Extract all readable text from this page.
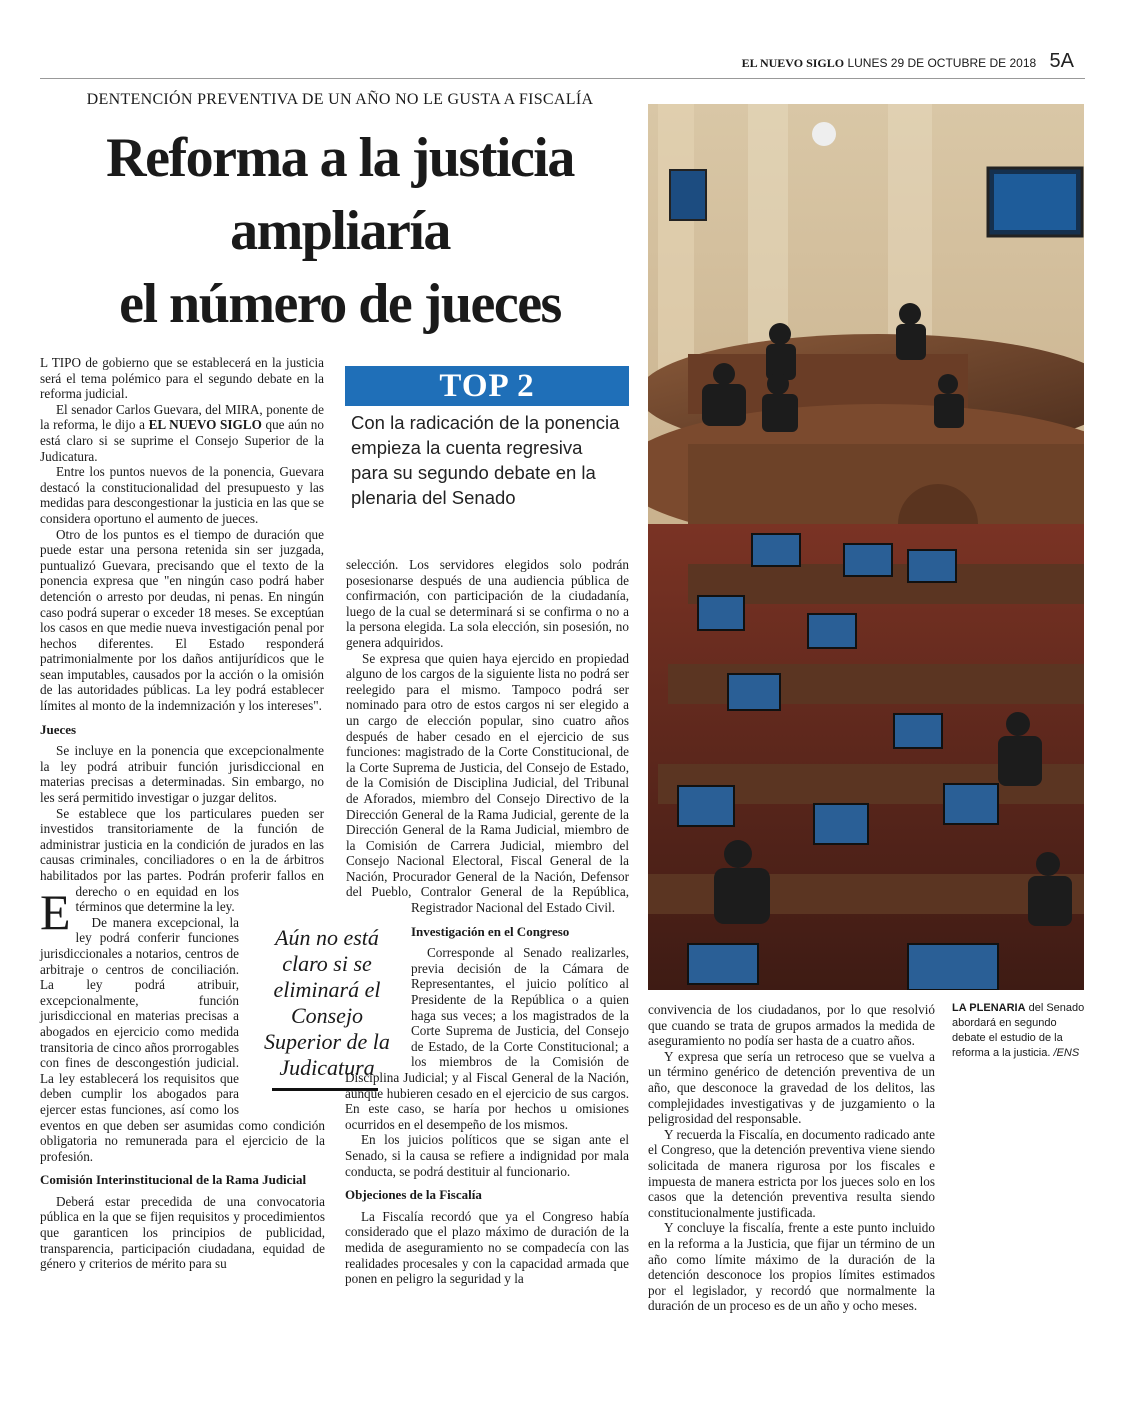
EL NUEVO SIGLO LUNES 29 DE OCTUBRE DE 2018 5A
DENTENCIÓN PREVENTIVA DE UN AÑO NO LE GUSTA A FISCALÍA
Reforma a la justicia
ampliaría
el número de jueces

E
L TIPO de gobierno que se establecerá en la justicia será el tema polémico para el segundo debate en la reforma judicial.

El senador Carlos Guevara, del MIRA, ponente de la reforma, le dijo a EL NUEVO SIGLO que aún no está claro si se suprime el Consejo Superior de la Judicatura.

Entre los puntos nuevos de la ponencia, Guevara destacó la constitucionalidad del presupuesto y las medidas para descongestionar la justicia en las que se considera oportuno el aumento de jueces.

Otro de los puntos es el tiempo de duración que puede estar una persona retenida sin ser juzgada, puntualizó Guevara, precisando que el texto de la ponencia expresa que "en ningún caso podrá haber detención o arresto por deudas, ni penas. En ningún caso podrá superar o exceder 18 meses. Se exceptúan los casos en que medie nueva investigación penal por hechos diferentes. El Estado responderá patrimonialmente por los daños antijurídicos que le sean imputables, causados por la acción o la omisión de las autoridades públicas. La ley podrá establecer límites al monto de la indemnización y los intereses".

Jueces

Se incluye en la ponencia que excepcionalmente la ley podrá atribuir función jurisdiccional en materias precisas a determinadas. Sin embargo, no les será permitido investigar o juzgar delitos.

Se establece que los particulares pueden ser investidos transitoriamente de la función de administrar justicia en la condición de jurados en las causas criminales, conciliadores o en la de árbitros habilitados por las partes. Podrán proferir fallos en derecho o en equidad en los términos que determine la ley.

De manera excepcional, la ley podrá conferir funciones jurisdiccionales a notarios, centros de arbitraje o centros de conciliación. La ley podrá atribuir, excepcionalmente, función jurisdiccional en materias precisas a abogados en ejercicio como medida transitoria de cinco años prorrogables con fines de descongestión judicial. La ley establecerá los requisitos que deben cumplir los abogados para ejercer estas funciones, así como los eventos en que deben ser asumidas como condición obligatoria no remunerada para el ejercicio de la profesión.

Comisión Interinstitucional de la Rama Judicial

Deberá estar precedida de una convocatoria pública en la que se fijen requisitos y procedimientos que garanticen los principios de publicidad, transparencia, participación ciudadana, equidad de género y criterios de mérito para su

TOP 2
Con la radicación de la ponencia empieza la cuenta regresiva para su segundo debate en la plenaria del Senado

selección. Los servidores elegidos solo podrán posesionarse después de una audiencia pública de confirmación, con participación de la ciudadanía, luego de la cual se determinará si se confirma o no a la persona elegida. La sola elección, sin posesión, no genera adquiridos.

Se expresa que quien haya ejercido en propiedad alguno de los cargos de la siguiente lista no podrá ser reelegido para el mismo. Tampoco podrá ser nominado para otro de estos cargos ni ser elegido a un cargo de elección popular, sino cuatro años después de haber cesado en el ejercicio de sus funciones: magistrado de la Corte Constitucional, de la Corte Suprema de Justicia, del Consejo de Estado, de la Comisión de Disciplina Judicial, del Tribunal de Aforados, miembro del Consejo Directivo de la Dirección General de la Rama Judicial, gerente de la Dirección General de la Rama Judicial, miembro de la Comisión de Carrera Judicial, miembro del Consejo Nacional Electoral, Fiscal General de la Nación, Procurador General de la Nación, Defensor del Pueblo, Contralor General de la República, Registrador Nacional del Estado Civil.

Investigación en el Congreso

Corresponde al Senado realizarles, previa decisión de la Cámara de Representantes, el juicio político al Presidente de la República o a quien haga sus veces; a los magistrados de la Corte Suprema de Justicia, del Consejo de Estado, de la Corte Constitucional; a los miembros de la Comisión de Disciplina Judicial; y al Fiscal General de la Nación, aunque hubieren cesado en el ejercicio de sus cargos. En este caso, se haría por hechos u omisiones ocurridos en el desempeño de los mismos.

En los juicios políticos que se sigan ante el Senado, si la causa se refiere a indignidad por mala conducta, se podrá destituir al funcionario.

Objeciones de la Fiscalía

La Fiscalía recordó que ya el Congreso había considerado que el plazo máximo de duración de la medida de aseguramiento no se compadecía con las realidades procesales y con la capacidad armada que ponen en peligro la seguridad y la

Aún no está claro si se eliminará el Consejo Superior de la Judicatura

convivencia de los ciudadanos, por lo que resolvió que cuando se trata de grupos armados la medida de aseguramiento no podía ser hasta de a cuatro años.

Y expresa que sería un retroceso que se vuelva a un término genérico de detención preventiva de un año, que desconoce la gravedad de los delitos, las complejidades investigativas y de juzgamiento o la peligrosidad del responsable.

Y recuerda la Fiscalía, en documento radicado ante el Congreso, que la detención preventiva viene siendo solicitada de manera rigurosa por los fiscales e impuesta de manera estricta por los jueces solo en los casos que la detención preventiva resulta siendo constitucionalmente justificada.

Y concluye la fiscalía, frente a este punto incluido en la reforma a la Justicia, que fijar un término de un año como límite máximo de la duración de la detención desconoce los propios límites estimados por el legislador, y recordó que normalmente la duración de un proceso es de un año y ocho meses.

LA PLENARIA del Senado abordará en segundo debate el estudio de la reforma a la justicia. /ENS
